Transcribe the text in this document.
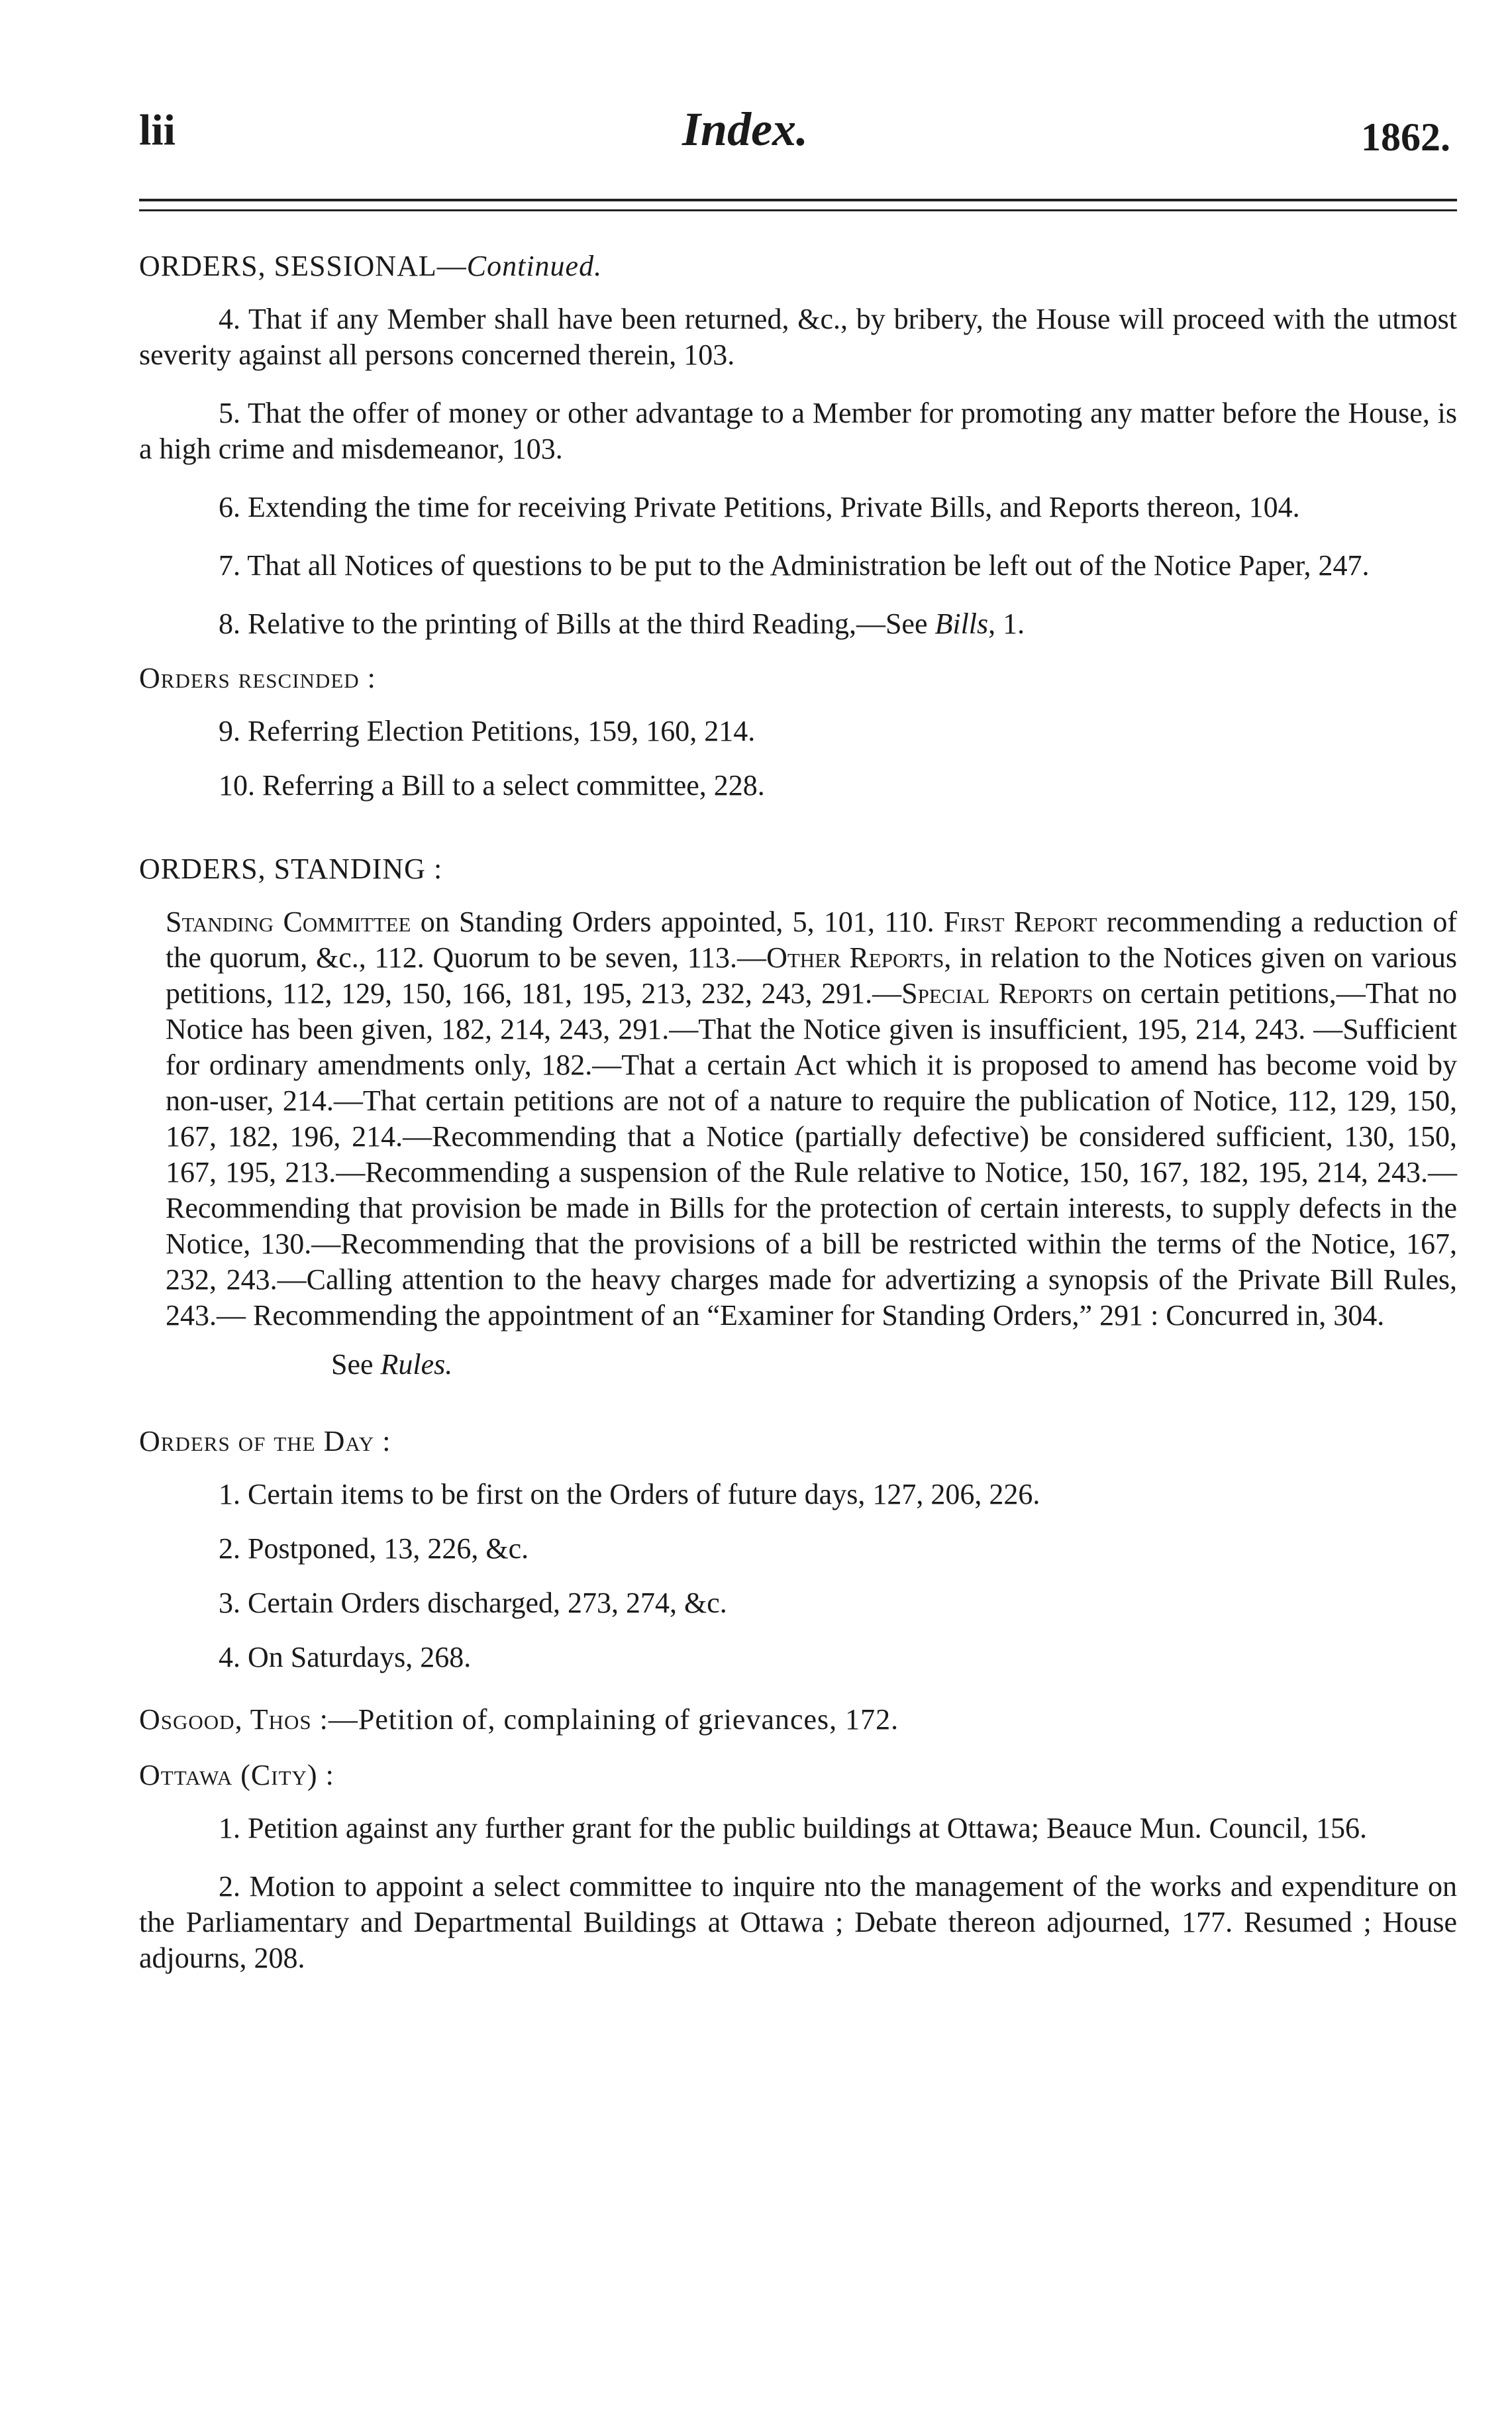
lii	Index.	1862.

ORDERS, SESSIONAL—Continued.

4. That if any Member shall have been returned, &c., by bribery, the House will proceed with the utmost severity against all persons concerned therein, 103.

5. That the offer of money or other advantage to a Member for promoting any matter before the House, is a high crime and misdemeanor, 103.

6. Extending the time for receiving Private Petitions, Private Bills, and Reports thereon, 104.

7. That all Notices of questions to be put to the Administration be left out of the Notice Paper, 247.

8. Relative to the printing of Bills at the third Reading,—See Bills, 1.

Orders rescinded :

9. Referring Election Petitions, 159, 160, 214.

10. Referring a Bill to a select committee, 228.

ORDERS, STANDING :

Standing Committee on Standing Orders appointed, 5, 101, 110. First Report recommending a reduction of the quorum, &c., 112. Quorum to be seven, 113.—Other Reports, in relation to the Notices given on various petitions, 112, 129, 150, 166, 181, 195, 213, 232, 243, 291.—Special Reports on certain petitions,—That no Notice has been given, 182, 214, 243, 291.—That the Notice given is insufficient, 195, 214, 243. —Sufficient for ordinary amendments only, 182.—That a certain Act which it is proposed to amend has become void by non-user, 214.—That certain petitions are not of a nature to require the publication of Notice, 112, 129, 150, 167, 182, 196, 214.—Recommending that a Notice (partially defective) be considered sufficient, 130, 150, 167, 195, 213.—Recommending a suspension of the Rule relative to Notice, 150, 167, 182, 195, 214, 243.—Recommending that provision be made in Bills for the protection of certain interests, to supply defects in the Notice, 130.—Recommending that the provisions of a bill be restricted within the terms of the Notice, 167, 232, 243.—Calling attention to the heavy charges made for advertizing a synopsis of the Private Bill Rules, 243.— Recommending the appointment of an “Examiner for Standing Orders,” 291 : Concurred in, 304.

See Rules.

Orders of the Day :

1. Certain items to be first on the Orders of future days, 127, 206, 226.

2. Postponed, 13, 226, &c.

3. Certain Orders discharged, 273, 274, &c.

4. On Saturdays, 268.

Osgood, Thos :—Petition of, complaining of grievances, 172.

Ottawa (City) :

1. Petition against any further grant for the public buildings at Ottawa; Beauce Mun. Council, 156.

2. Motion to appoint a select committee to inquire nto the management of the works and expenditure on the Parliamentary and Departmental Buildings at Ottawa ; Debate thereon adjourned, 177. Resumed ; House adjourns, 208.
